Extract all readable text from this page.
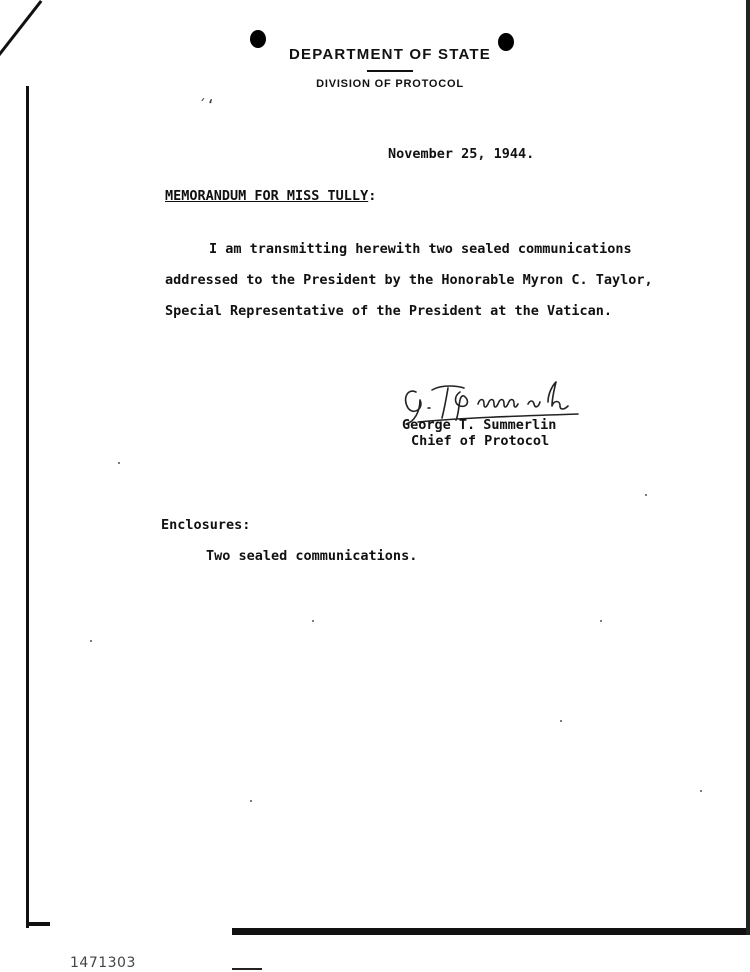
DEPARTMENT OF STATE

DIVISION OF PROTOCOL

´‘
November 25, 1944.
MEMORANDUM FOR MISS TULLY:

I am transmitting herewith two sealed communications addressed to the President by the Honorable Myron C. Taylor, Special Representative of the President at the Vatican.

George T. Summerlin
Chief of Protocol
Enclosures:
Two sealed communications.
1471303
